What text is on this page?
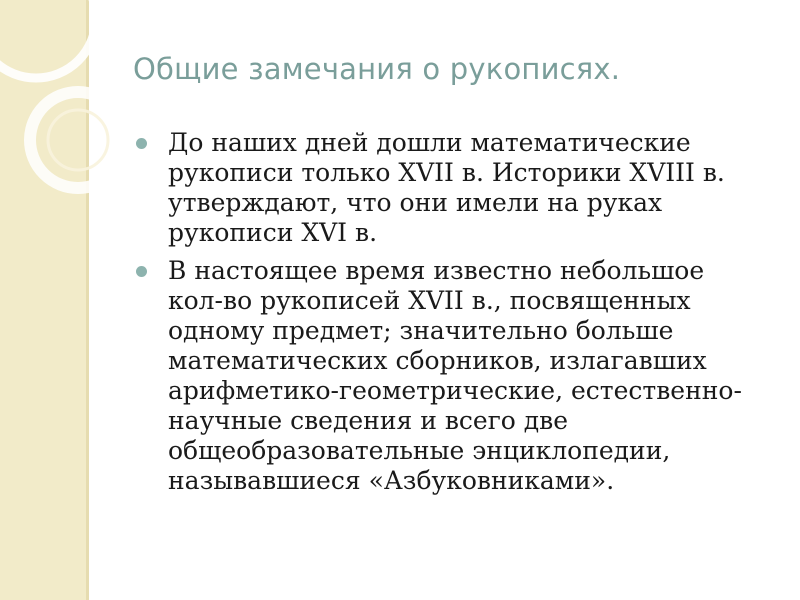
Общие замечания о рукописях.
До наших дней дошли математические
рукописи только XVII в. Историки XVIII в.
утверждают, что они имели на руках
рукописи XVI в.
В настоящее время известно небольшое
кол-во рукописей XVII в., посвященных
одному предмет; значительно больше
математических сборников, излагавших
арифметико-геометрические, естественно-
научные сведения и всего две
общеобразовательные энциклопедии,
называвшиеся «Азбуковниками».
